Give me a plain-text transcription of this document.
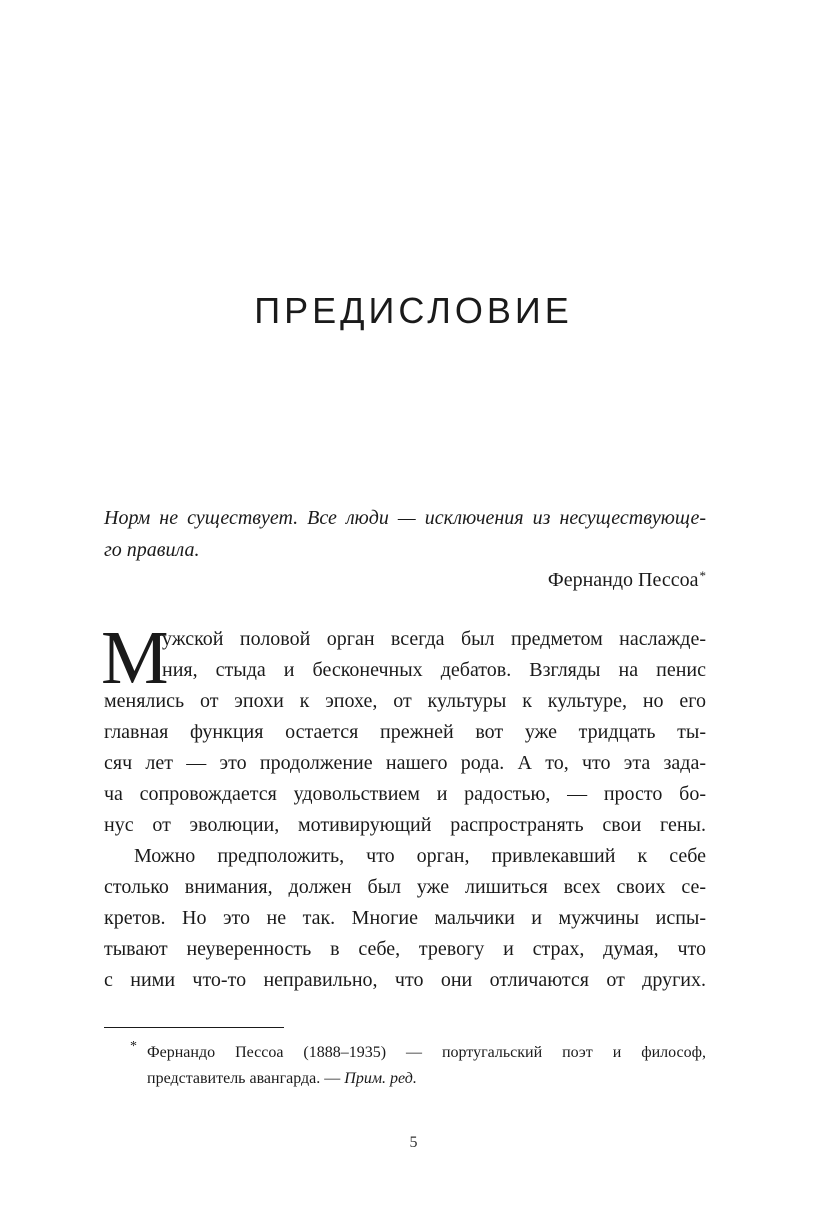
ПРЕДИСЛОВИЕ
Норм не существует. Все люди — исключения из несуществующе-
го правила.
Фернандо Пессоа*
М
ужской половой орган всегда был предметом наслажде-
ния, стыда и бесконечных дебатов. Взгляды на пенис
менялись от эпохи к эпохе, от культуры к культуре, но его
главная функция остается прежней вот уже тридцать ты-
сяч лет — это продолжение нашего рода. А то, что эта зада-
ча сопровождается удовольствием и радостью, — просто бо-
нус от эволюции, мотивирующий распространять свои гены.
Можно предположить, что орган, привлекавший к себе
столько внимания, должен был уже лишиться всех своих се-
кретов. Но это не так. Многие мальчики и мужчины испы-
тывают неуверенность в себе, тревогу и страх, думая, что
с ними что-то неправильно, что они отличаются от других.
* Фернандо Пессоа (1888–1935) — португальский поэт и философ,
представитель авангарда. — Прим. ред.
5
